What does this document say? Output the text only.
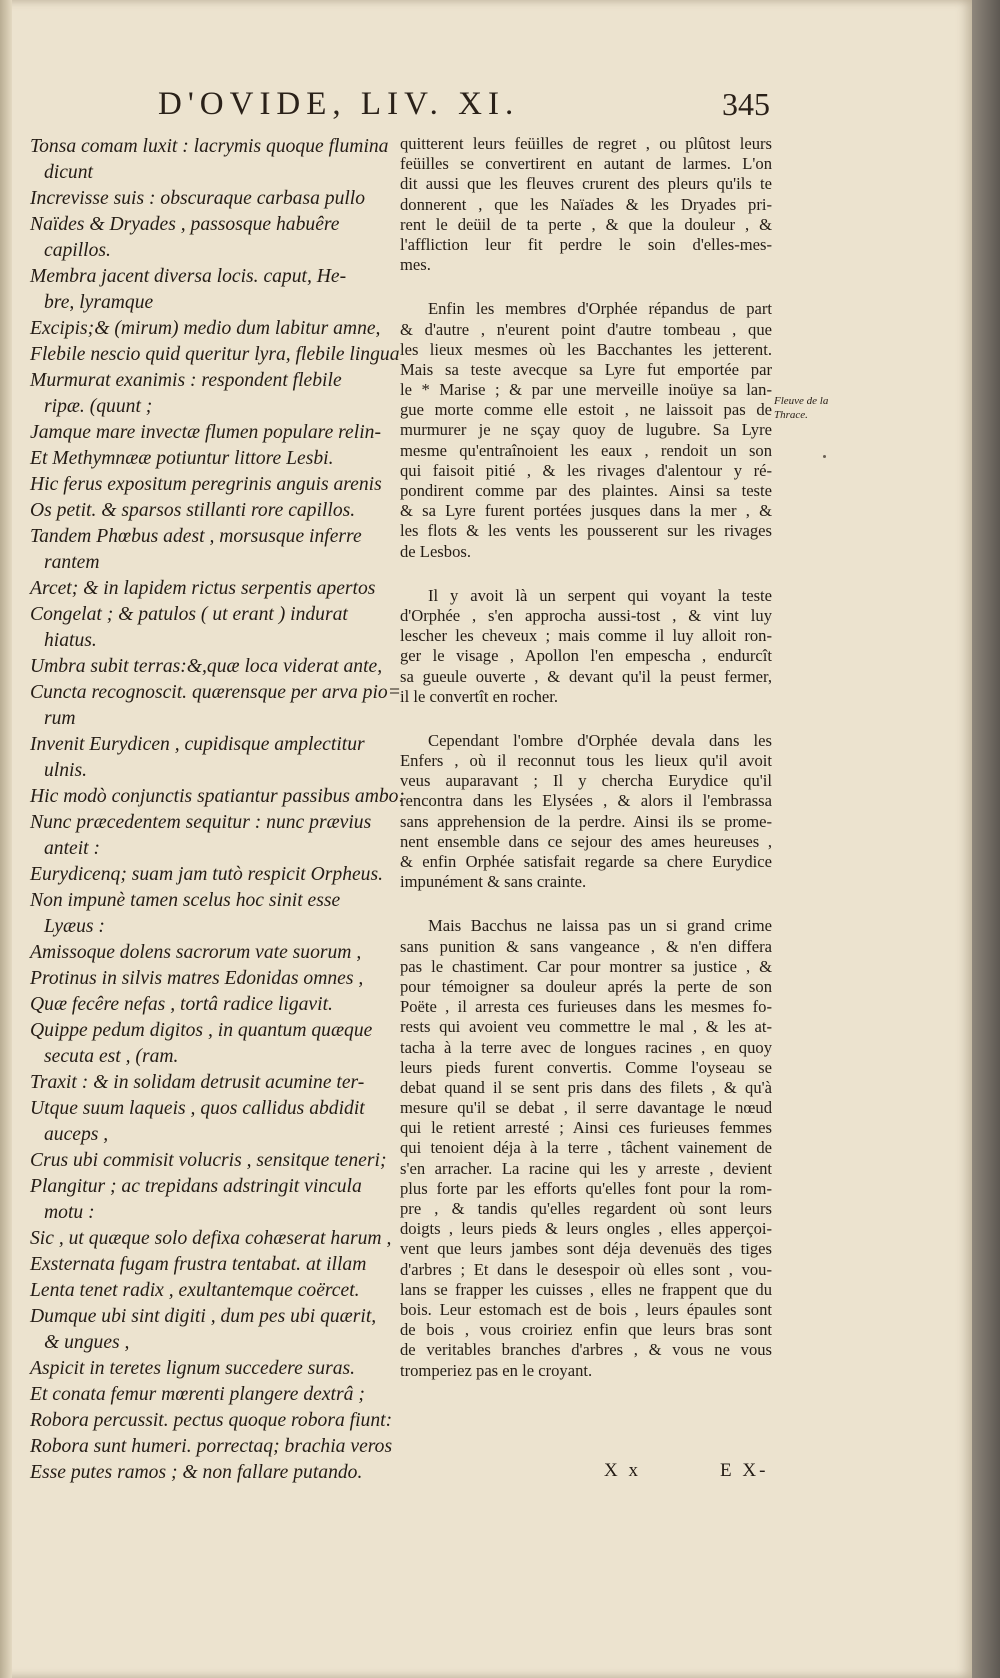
D'OVIDE, LIV. XI.	345
Tonsa comam luxit : lacrymis quoque flumina
dicunt
Increvisse suis : obscuraque carbasa pullo
Naïdes & Dryades , passosque habuêre
capillos.
Membra jacent diversa locis. caput, He-
bre, lyramque
Excipis;& (mirum) medio dum labitur amne,
Flebile nescio quid queritur lyra, flebile lingua
Murmurat exanimis : respondent flebile
ripæ. (quunt ;
Jamque mare invectæ flumen populare relin-
Et Methymnææ potiuntur littore Lesbi.
Hic ferus expositum peregrinis anguis arenis
Os petit. & sparsos stillanti rore capillos.
Tandem Phœbus adest , morsusque inferre
rantem
Arcet; & in lapidem rictus serpentis apertos
Congelat ; & patulos ( ut erant ) indurat
hiatus.
Umbra subit terras:&,quæ loca viderat ante,
Cuncta recognoscit. quærensque per arva pio=
rum
Invenit Eurydicen , cupidisque amplectitur
ulnis.
Hic modò conjunctis spatiantur passibus ambo:
Nunc præcedentem sequitur : nunc prævius
anteit :
Eurydicenq; suam jam tutò respicit Orpheus.
Non impunè tamen scelus hoc sinit esse
Lyæus :
Amissoque dolens sacrorum vate suorum ,
Protinus in silvis matres Edonidas omnes ,
Quæ fecêre nefas , tortâ radice ligavit.
Quippe pedum digitos , in quantum quæque
secuta est , (ram.
Traxit : & in solidam detrusit acumine ter-
Utque suum laqueis , quos callidus abdidit
auceps ,
Crus ubi commisit volucris , sensitque teneri;
Plangitur ; ac trepidans adstringit vincula
motu :
Sic , ut quæque solo defixa cohæserat harum ,
Exsternata fugam frustra tentabat. at illam
Lenta tenet radix , exultantemque coërcet.
Dumque ubi sint digiti , dum pes ubi quærit,
& ungues ,
Aspicit in teretes lignum succedere suras.
Et conata femur mœrenti plangere dextrâ ;
Robora percussit. pectus quoque robora fiunt:
Robora sunt humeri. porrectaq; brachia veros
Esse putes ramos ; & non fallare putando.
quitterent leurs feüilles de regret , ou plûtost leurs
feüilles se convertirent en autant de larmes. L'on
dit aussi que les fleuves crurent des pleurs qu'ils te
donnerent , que les Naïades & les Dryades pri-
rent le deüil de ta perte , & que la douleur , &
l'affliction leur fit perdre le soin d'elles-mes-
mes.
Enfin les membres d'Orphée répandus de part
& d'autre , n'eurent point d'autre tombeau , que
les lieux mesmes où les Bacchantes les jetterent.
Mais sa teste avecque sa Lyre fut emportée par
le * Marise ; & par une merveille inoüye sa lan-
gue morte comme elle estoit , ne laissoit pas de
murmurer je ne sçay quoy de lugubre. Sa Lyre
mesme qu'entraînoient les eaux , rendoit un son
qui faisoit pitié , & les rivages d'alentour y ré-
pondirent comme par des plaintes. Ainsi sa teste
& sa Lyre furent portées jusques dans la mer , &
les flots & les vents les pousserent sur les rivages
de Lesbos.
Il y avoit là un serpent qui voyant la teste
d'Orphée , s'en approcha aussi-tost , & vint luy
lescher les cheveux ; mais comme il luy alloit ron-
ger le visage , Apollon l'en empescha , endurcît
sa gueule ouverte , & devant qu'il la peust fermer,
il le convertît en rocher.
Cependant l'ombre d'Orphée devala dans les
Enfers , où il reconnut tous les lieux qu'il avoit
veus auparavant ; Il y chercha Eurydice qu'il
rencontra dans les Elysées , & alors il l'embrassa
sans apprehension de la perdre. Ainsi ils se prome-
nent ensemble dans ce sejour des ames heureuses ,
& enfin Orphée satisfait regarde sa chere Eurydice
impunément & sans crainte.
Mais Bacchus ne laissa pas un si grand crime
sans punition & sans vangeance , & n'en differa
pas le chastiment. Car pour montrer sa justice , &
pour témoigner sa douleur aprés la perte de son
Poëte , il arresta ces furieuses dans les mesmes fo-
rests qui avoient veu commettre le mal , & les at-
tacha à la terre avec de longues racines , en quoy
leurs pieds furent convertis. Comme l'oyseau se
debat quand il se sent pris dans des filets , & qu'à
mesure qu'il se debat , il serre davantage le nœud
qui le retient arresté ; Ainsi ces furieuses femmes
qui tenoient déja à la terre , tâchent vainement de
s'en arracher. La racine qui les y arreste , devient
plus forte par les efforts qu'elles font pour la rom-
pre , & tandis qu'elles regardent où sont leurs
doigts , leurs pieds & leurs ongles , elles apperçoi-
vent que leurs jambes sont déja devenuës des tiges
d'arbres ; Et dans le desespoir où elles sont , vou-
lans se frapper les cuisses , elles ne frappent que du
bois. Leur estomach est de bois , leurs épaules sont
de bois , vous croiriez enfin que leurs bras sont
de veritables branches d'arbres , & vous ne vous
tromperiez pas en le croyant.
Fleuve de la
Thrace.
X x	E X-
